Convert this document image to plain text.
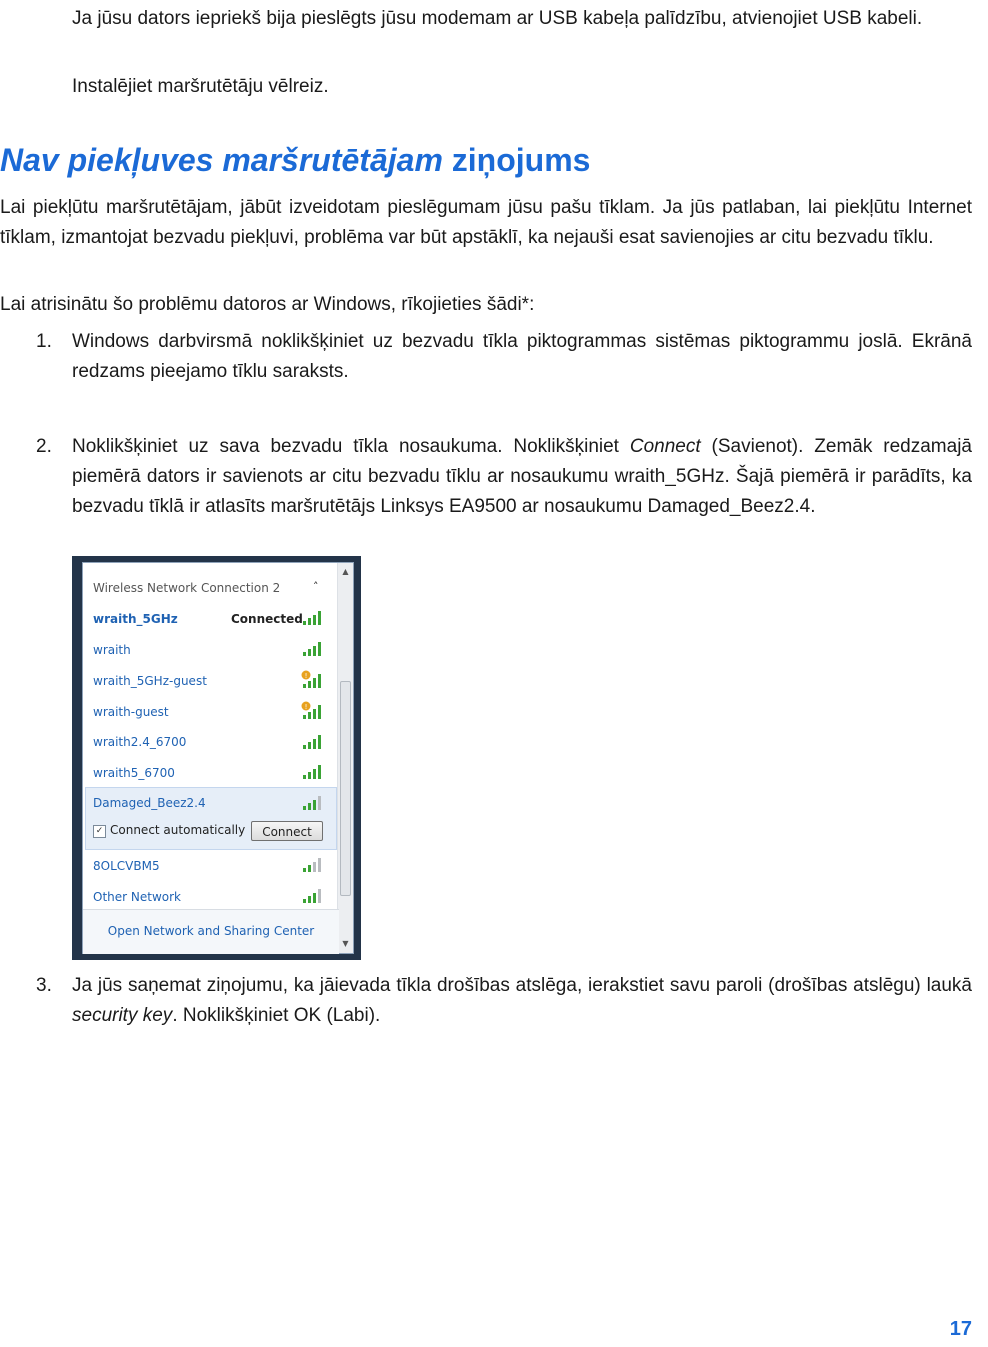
Ja jūsu dators iepriekš bija pieslēgts jūsu modemam ar USB kabeļa palīdzību, atvienojiet USB kabeli.

Instalējiet maršrutētāju vēlreiz.

Nav piekļuves maršrutētājam ziņojums

Lai piekļūtu maršrutētājam, jābūt izveidotam pieslēgumam jūsu pašu tīklam. Ja jūs patlaban, lai piekļūtu Internet tīklam, izmantojat bezvadu piekļuvi, problēma var būt apstāklī, ka nejauši esat savienojies ar citu bezvadu tīklu.

Lai atrisinātu šo problēmu datoros ar Windows, rīkojieties šādi*:

1. Windows darbvirsmā noklikšķiniet uz bezvadu tīkla piktogrammas sistēmas piktogrammu joslā. Ekrānā redzams pieejamo tīklu saraksts.

2. Noklikšķiniet uz sava bezvadu tīkla nosaukuma. Noklikšķiniet Connect (Savienot). Zemāk redzamajā piemērā dators ir savienots ar citu bezvadu tīklu ar nosaukumu wraith_5GHz. Šajā piemērā ir parādīts, ka bezvadu tīklā ir atlasīts maršrutētājs Linksys EA9500 ar nosaukumu Damaged_Beez2.4.

▲
▼
Wireless Network Connection 2	˄
wraith_5GHz	Connected
wraith
wraith_5GHz-guest
wraith-guest
wraith2.4_6700
wraith5_6700
Damaged_Beez2.4
✓ Connect automatically	Connect
8OLCVBM5
Other Network
!
!
Open Network and Sharing Center
3. Ja jūs saņemat ziņojumu, ka jāievada tīkla drošības atslēga, ierakstiet savu paroli (drošības atslēgu) laukā security key. Noklikšķiniet OK (Labi).

17
